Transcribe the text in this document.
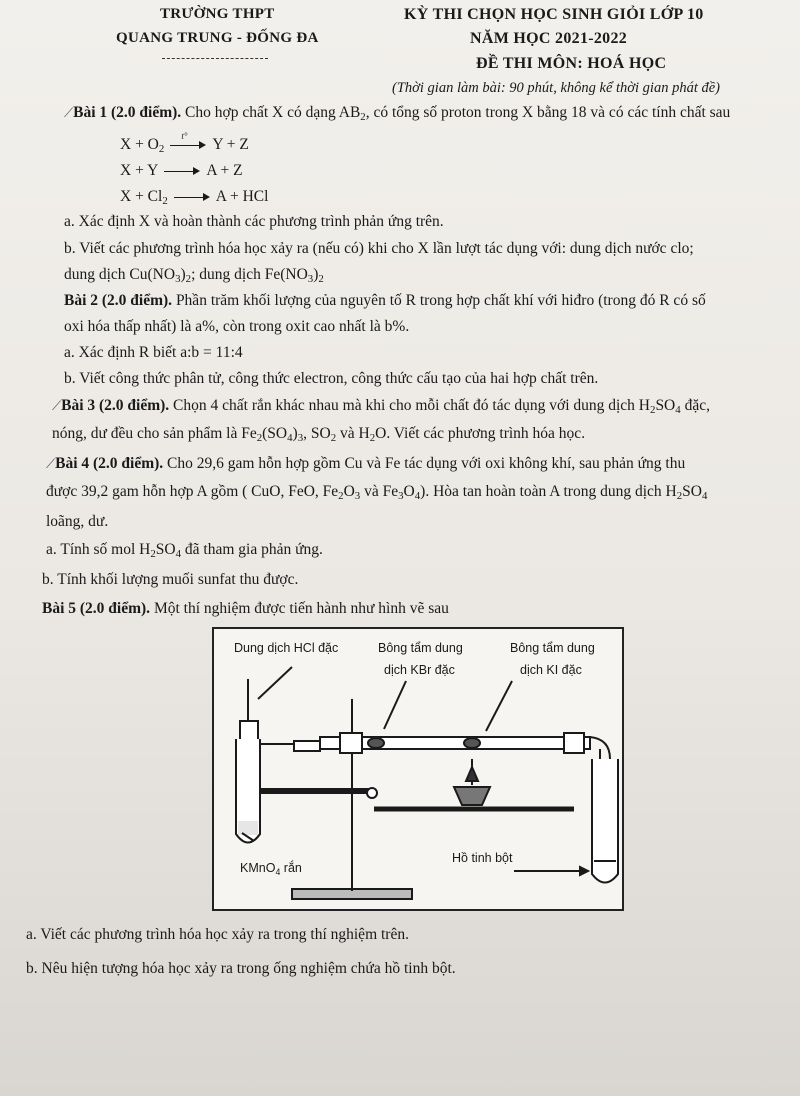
TRƯỜNG THPT
QUANG TRUNG - ĐỐNG ĐA
KỲ THI CHỌN HỌC SINH GIỎI LỚP 10
NĂM HỌC 2021-2022
ĐỀ THI MÔN: HOÁ HỌC
(Thời gian làm bài: 90 phút, không kể thời gian phát đề)
⟋Bài 1 (2.0 điểm). Cho hợp chất X có dạng $AB_2$, có tổng số proton trong X bằng 18 và có các tính chất sau
$X + O_2$
t° Y + Z
X + Y	A + Z
$X + Cl_2$	A + HCl
a. Xác định X và hoàn thành các phương trình phản ứng trên.
b. Viết các phương trình hóa học xảy ra (nếu có) khi cho X lần lượt tác dụng với: dung dịch nước clo;
dung dịch $Cu(NO_3)_2$; dung dịch $Fe(NO_3)_2$
Bài 2 (2.0 điểm). Phần trăm khối lượng của nguyên tố R trong hợp chất khí với hiđro (trong đó R có số
oxi hóa thấp nhất) là a%, còn trong oxit cao nhất là b%.
a. Xác định R biết a:b = 11:4
b. Viết công thức phân tử, công thức electron, công thức cấu tạo của hai hợp chất trên.
⟋Bài 3 (2.0 điểm). Chọn 4 chất rắn khác nhau mà khi cho mỗi chất đó tác dụng với dung dịch $H_2SO_4$ đặc,
nóng, dư đều cho sản phẩm là $Fe_2(SO_4)_3$, $SO_2$ và $H_2O$. Viết các phương trình hóa học.
⟋Bài 4 (2.0 điểm). Cho 29,6 gam hỗn hợp gồm Cu và Fe tác dụng với oxi không khí, sau phản ứng thu
được 39,2 gam hỗn hợp A gồm ( CuO, FeO, $Fe_2O_3$ và $Fe_3O_4$). Hòa tan hoàn toàn A trong dung dịch $H_2SO_4$
loãng, dư.
a. Tính số mol $H_2SO_4$ đã tham gia phản ứng.
b. Tính khối lượng muối sunfat thu được.
Bài 5 (2.0 điểm). Một thí nghiệm được tiến hành như hình vẽ sau
Dung dịch HCl đặc	Bông tẩm dung
dịch KBr đặc
Bông tẩm dung
dịch KI đặc
KMnO$_4$ rắn
Hồ tinh bột
a. Viết các phương trình hóa học xảy ra trong thí nghiệm trên.
b. Nêu hiện tượng hóa học xảy ra trong ống nghiệm chứa hồ tinh bột.
